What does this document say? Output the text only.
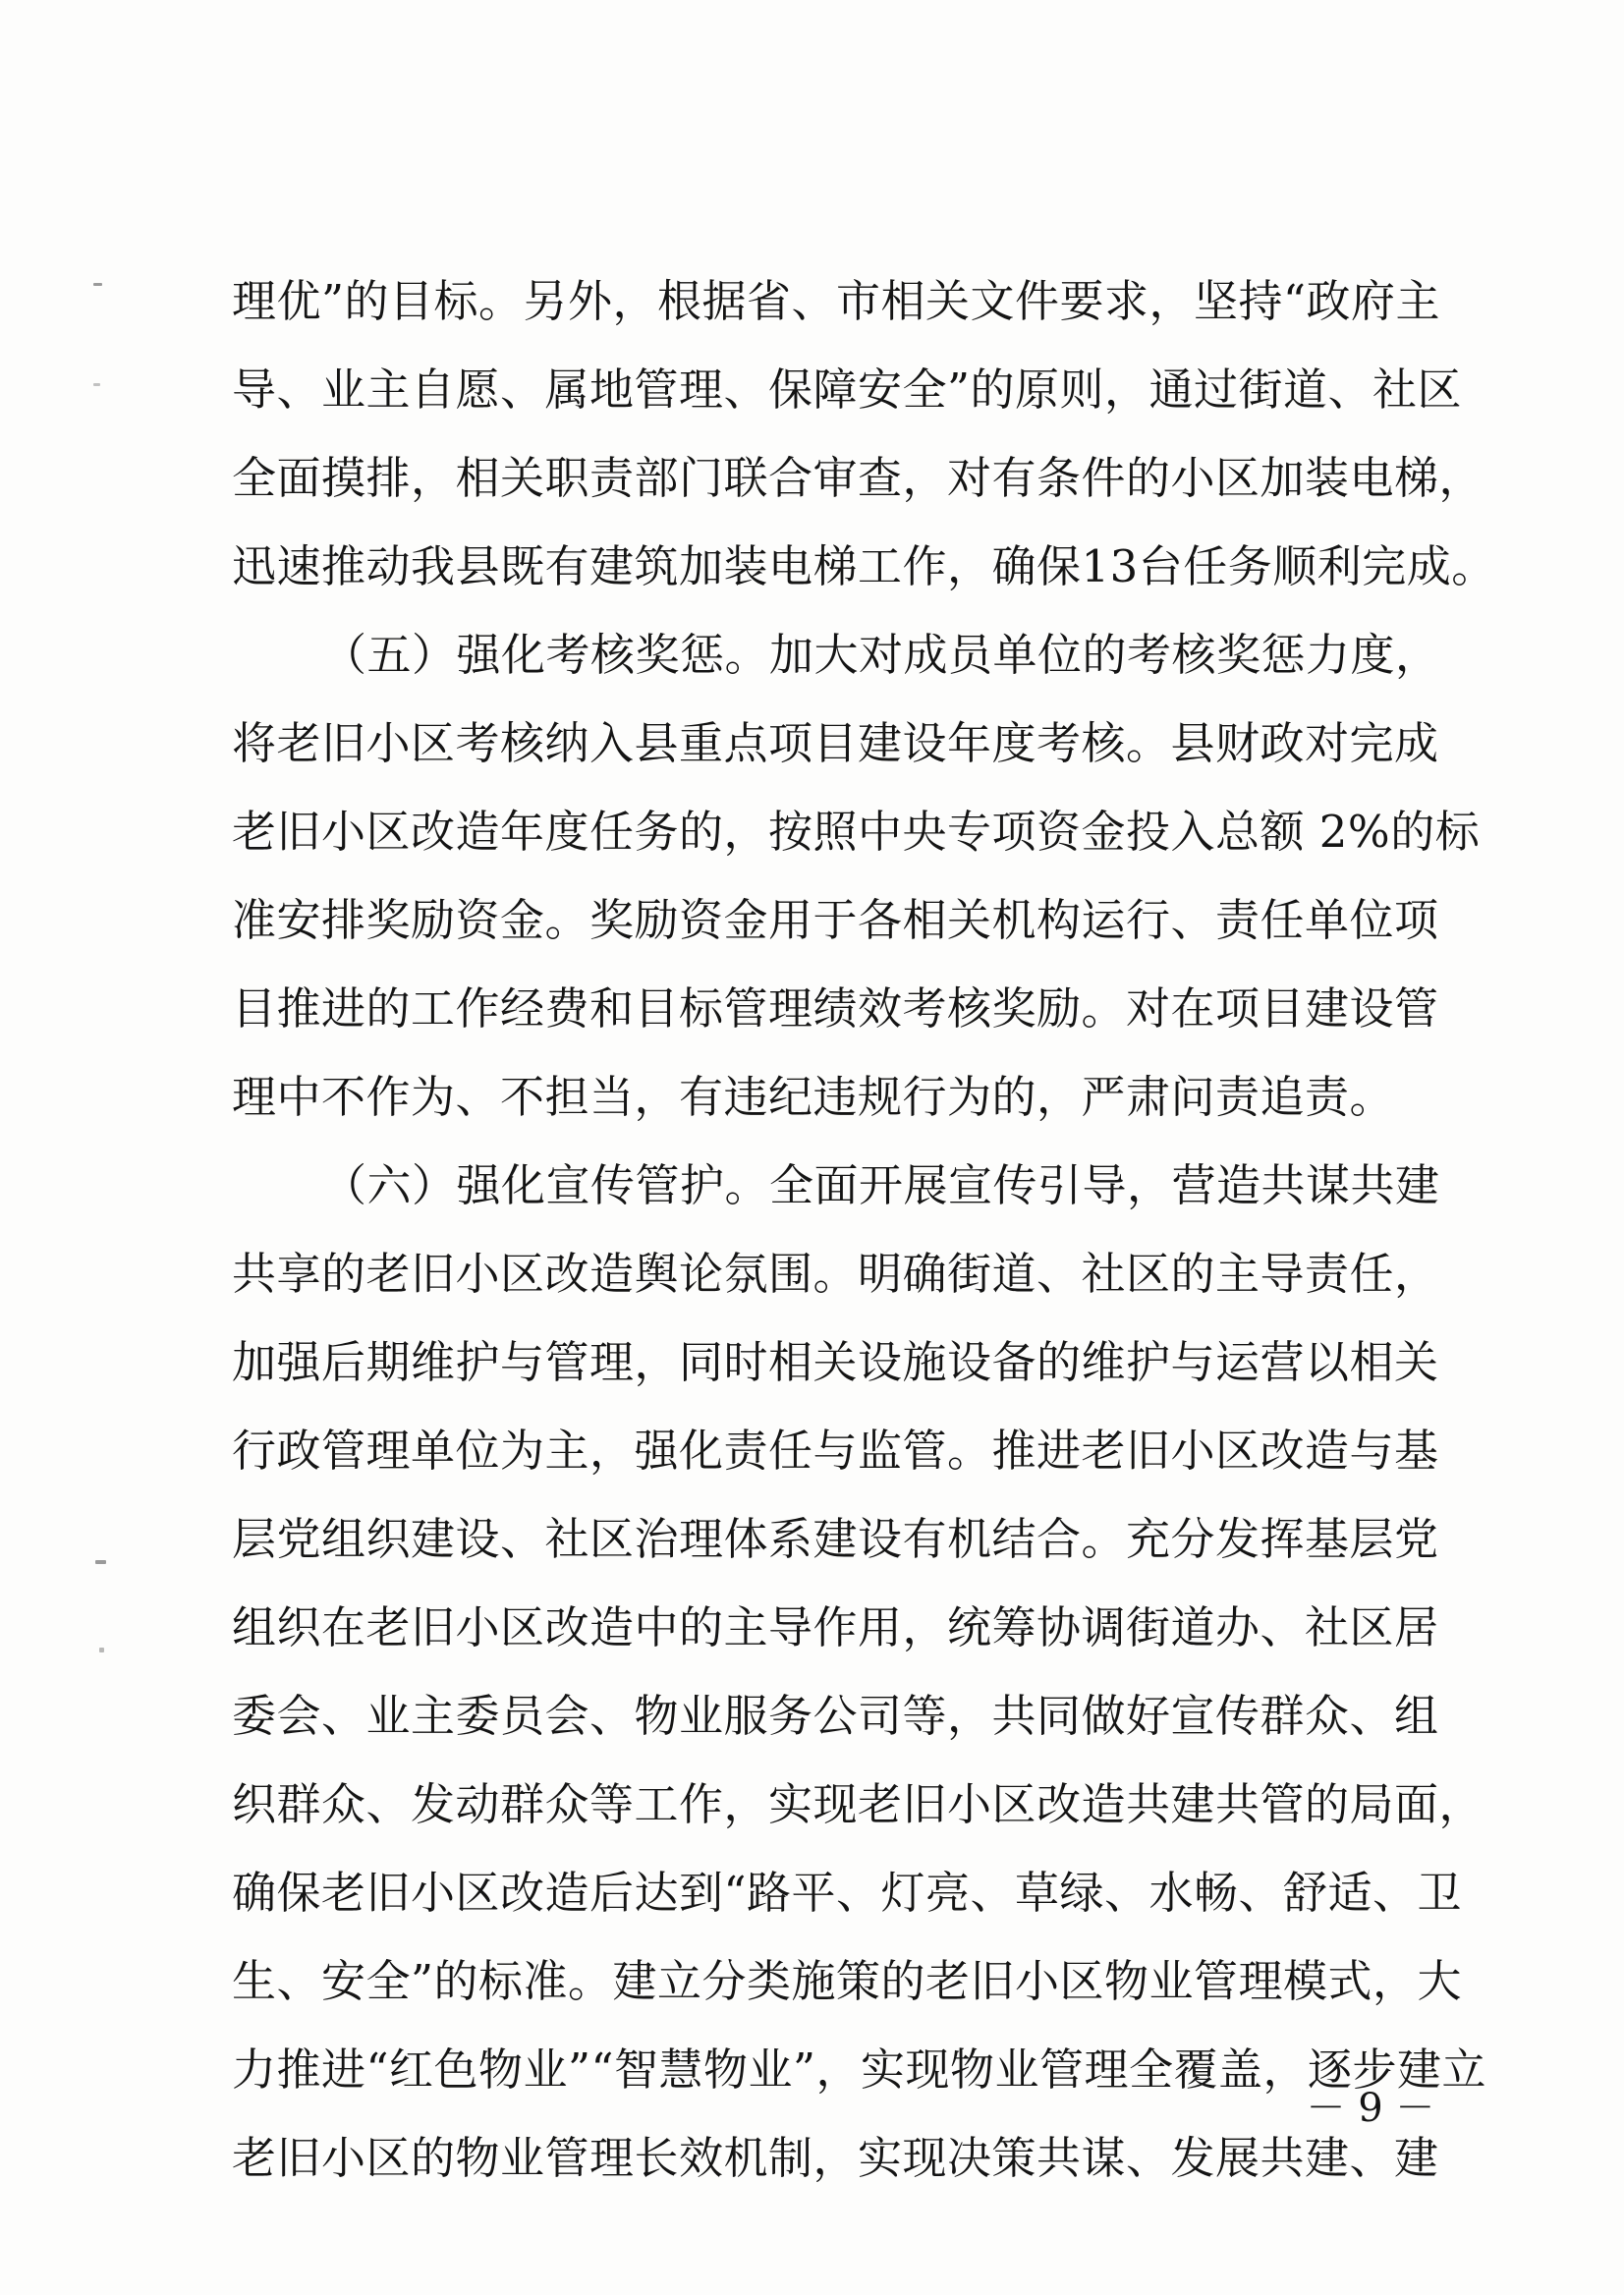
理优”的目标。另外，根据省、市相关文件要求，坚持“政府主
导、业主自愿、属地管理、保障安全”的原则，通过街道、社区
全面摸排，相关职责部门联合审查，对有条件的小区加装电梯，
迅速推动我县既有建筑加装电梯工作，确保13台任务顺利完成。
（五）强化考核奖惩。加大对成员单位的考核奖惩力度，
将老旧小区考核纳入县重点项目建设年度考核。县财政对完成
老旧小区改造年度任务的，按照中央专项资金投入总额 2%的标
准安排奖励资金。奖励资金用于各相关机构运行、责任单位项
目推进的工作经费和目标管理绩效考核奖励。对在项目建设管
理中不作为、不担当，有违纪违规行为的，严肃问责追责。
（六）强化宣传管护。全面开展宣传引导，营造共谋共建
共享的老旧小区改造舆论氛围。明确街道、社区的主导责任，
加强后期维护与管理，同时相关设施设备的维护与运营以相关
行政管理单位为主，强化责任与监管。推进老旧小区改造与基
层党组织建设、社区治理体系建设有机结合。充分发挥基层党
组织在老旧小区改造中的主导作用，统筹协调街道办、社区居
委会、业主委员会、物业服务公司等，共同做好宣传群众、组
织群众、发动群众等工作，实现老旧小区改造共建共管的局面，
确保老旧小区改造后达到“路平、灯亮、草绿、水畅、舒适、卫
生、安全”的标准。建立分类施策的老旧小区物业管理模式，大
力推进“红色物业”“智慧物业”，实现物业管理全覆盖，逐步建立
老旧小区的物业管理长效机制，实现决策共谋、发展共建、建
－ 9 －
